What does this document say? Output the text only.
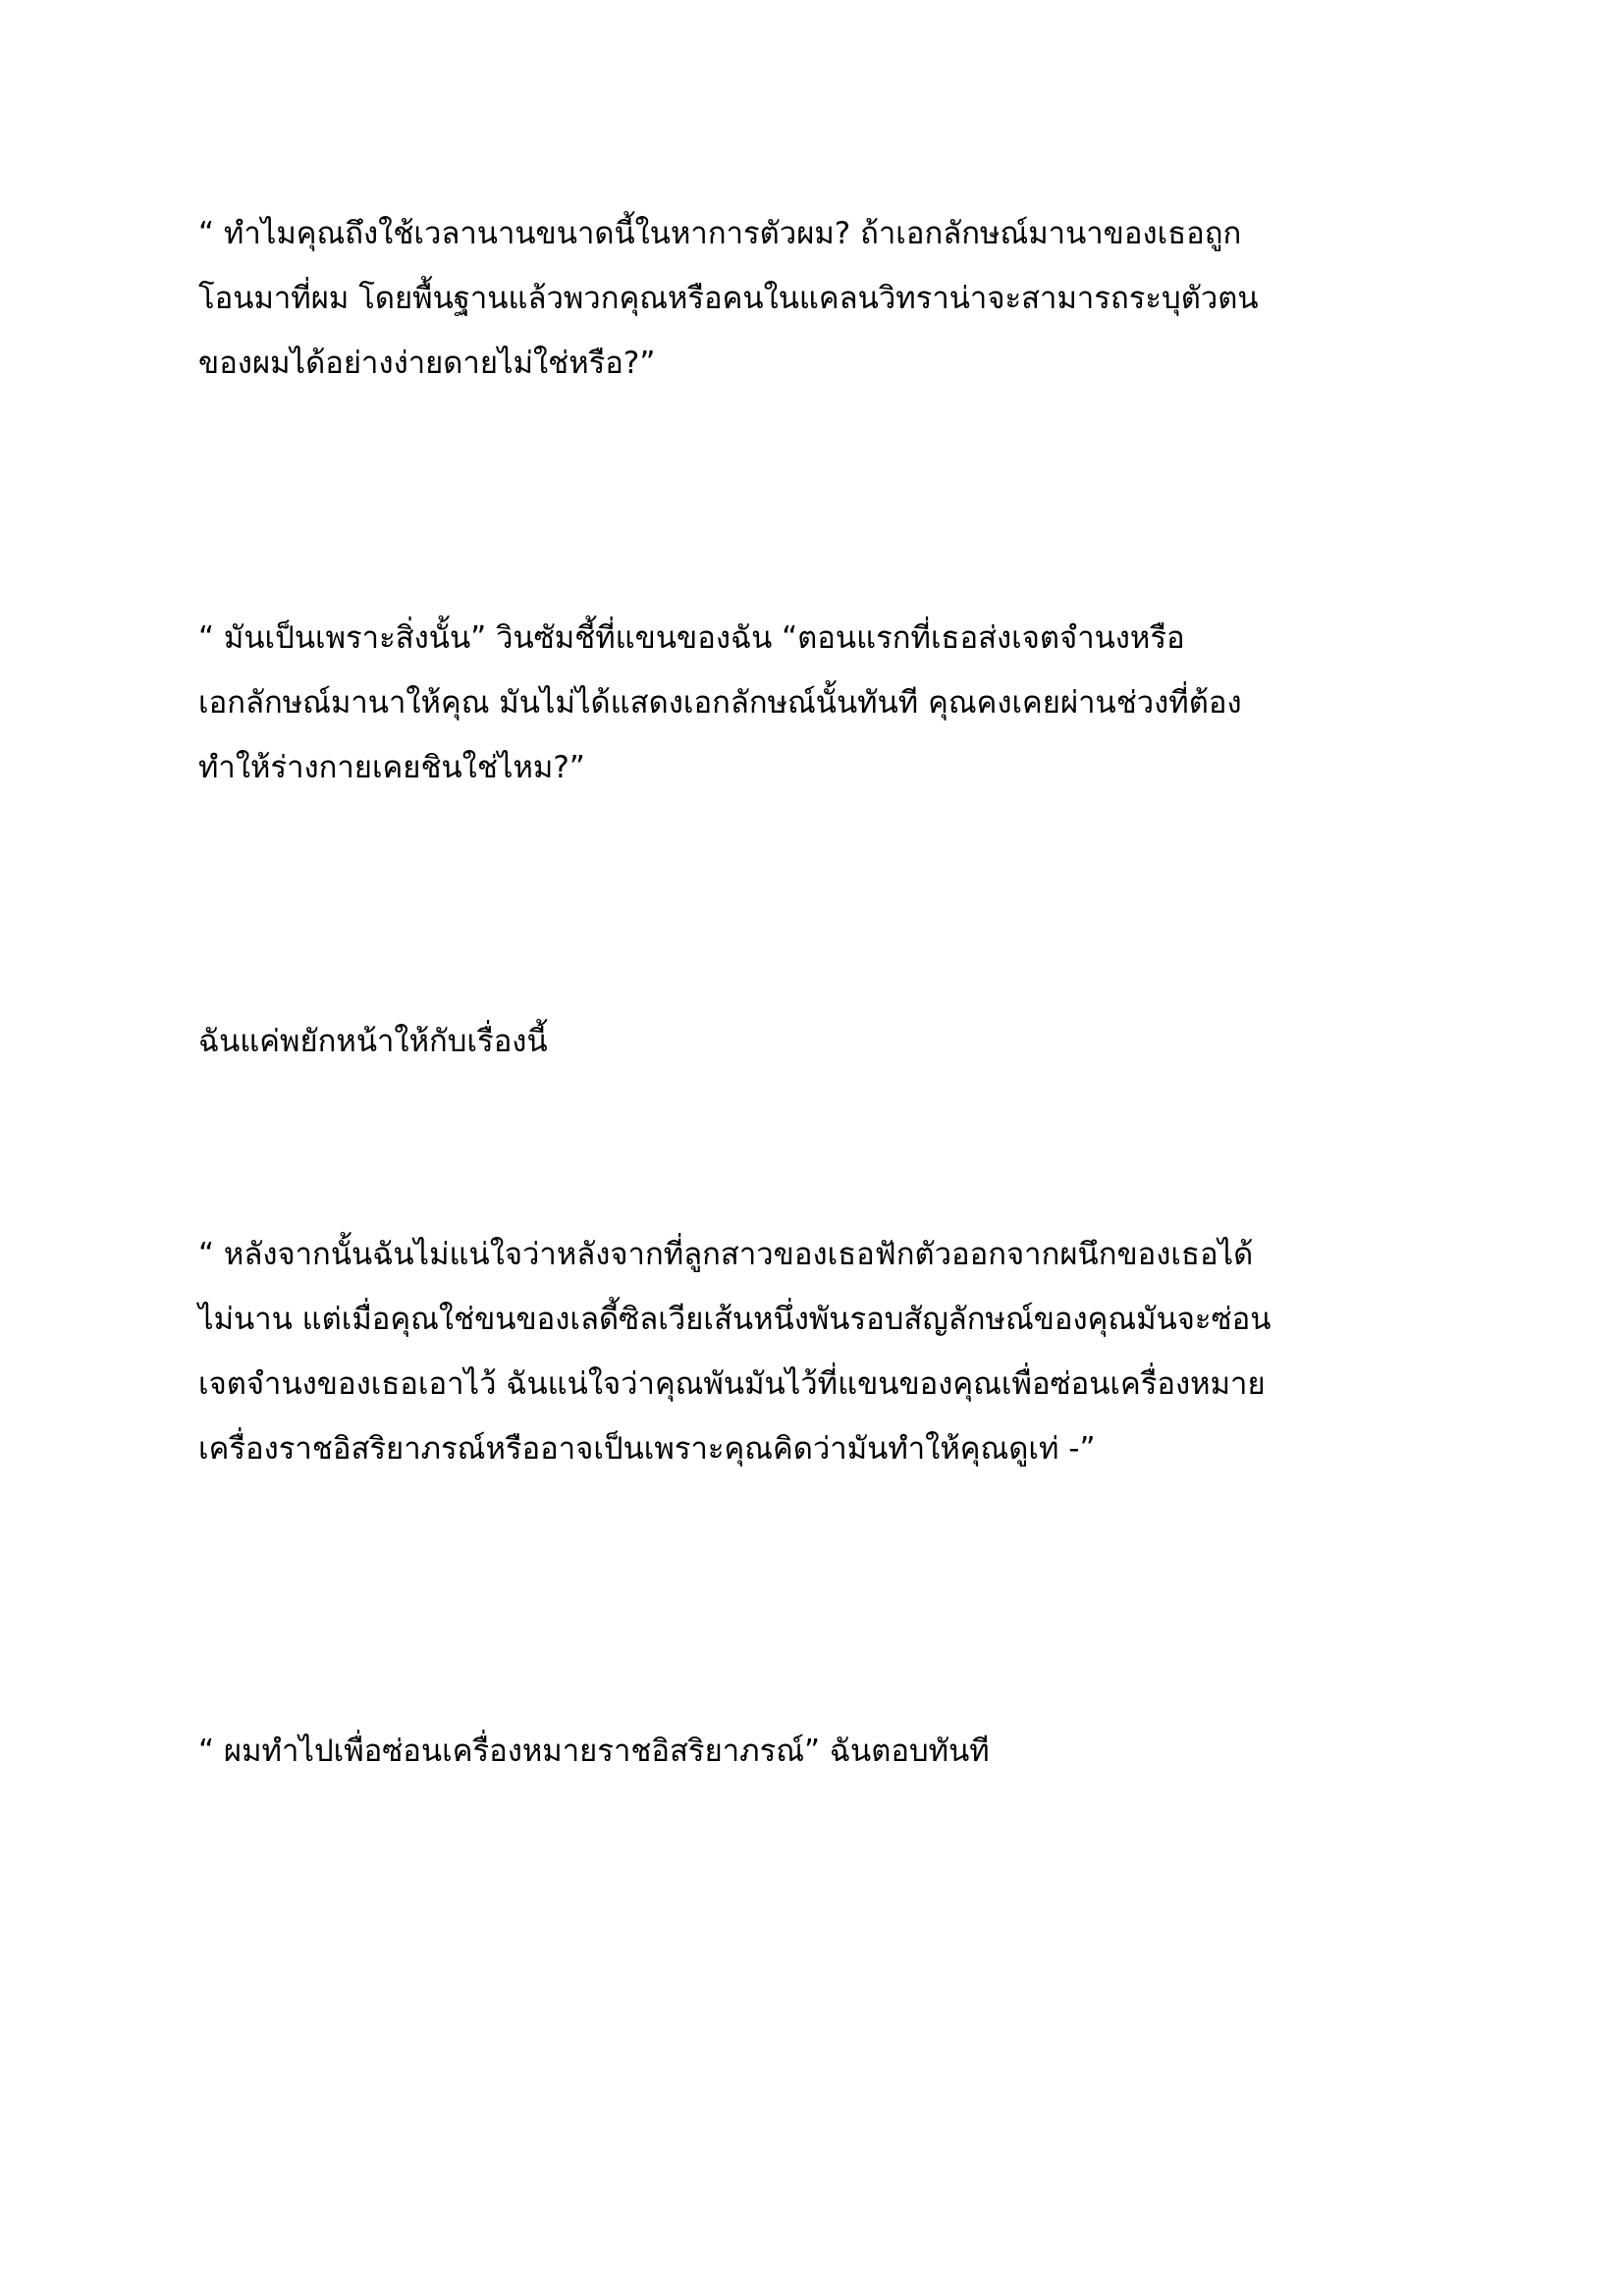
“ ทำไมคุณถึงใช้เวลานานขนาดนี้ในหาการตัวผม? ถ้าเอกลักษณ์มานาของเธอถูก
โอนมาที่ผม โดยพื้นฐานแล้วพวกคุณหรือคนในแคลนวิทราน่าจะสามารถระบุตัวตน
ของผมได้อย่างง่ายดายไม่ใช่หรือ?”

“ มันเป็นเพราะสิ่งนั้น” วินซัมชี้ที่แขนของฉัน “ตอนแรกที่เธอส่งเจตจำนงหรือ
เอกลักษณ์มานาให้คุณ มันไม่ได้แสดงเอกลักษณ์นั้นทันที คุณคงเคยผ่านช่วงที่ต้อง
ทำให้ร่างกายเคยชินใช่ไหม?”

ฉันแค่พยักหน้าให้กับเรื่องนี้

“ หลังจากนั้นฉันไม่แน่ใจว่าหลังจากที่ลูกสาวของเธอฟักตัวออกจากผนึกของเธอได้
ไม่นาน แต่เมื่อคุณใช่ขนของเลดี้ซิลเวียเส้นหนึ่งพันรอบสัญลักษณ์ของคุณมันจะซ่อน
เจตจำนงของเธอเอาไว้ ฉันแน่ใจว่าคุณพันมันไว้ที่แขนของคุณเพื่อซ่อนเครื่องหมาย
เครื่องราชอิสริยาภรณ์หรืออาจเป็นเพราะคุณคิดว่ามันทำให้คุณดูเท่ -”

“ ผมทำไปเพื่อซ่อนเครื่องหมายราชอิสริยาภรณ์” ฉันตอบทันที
